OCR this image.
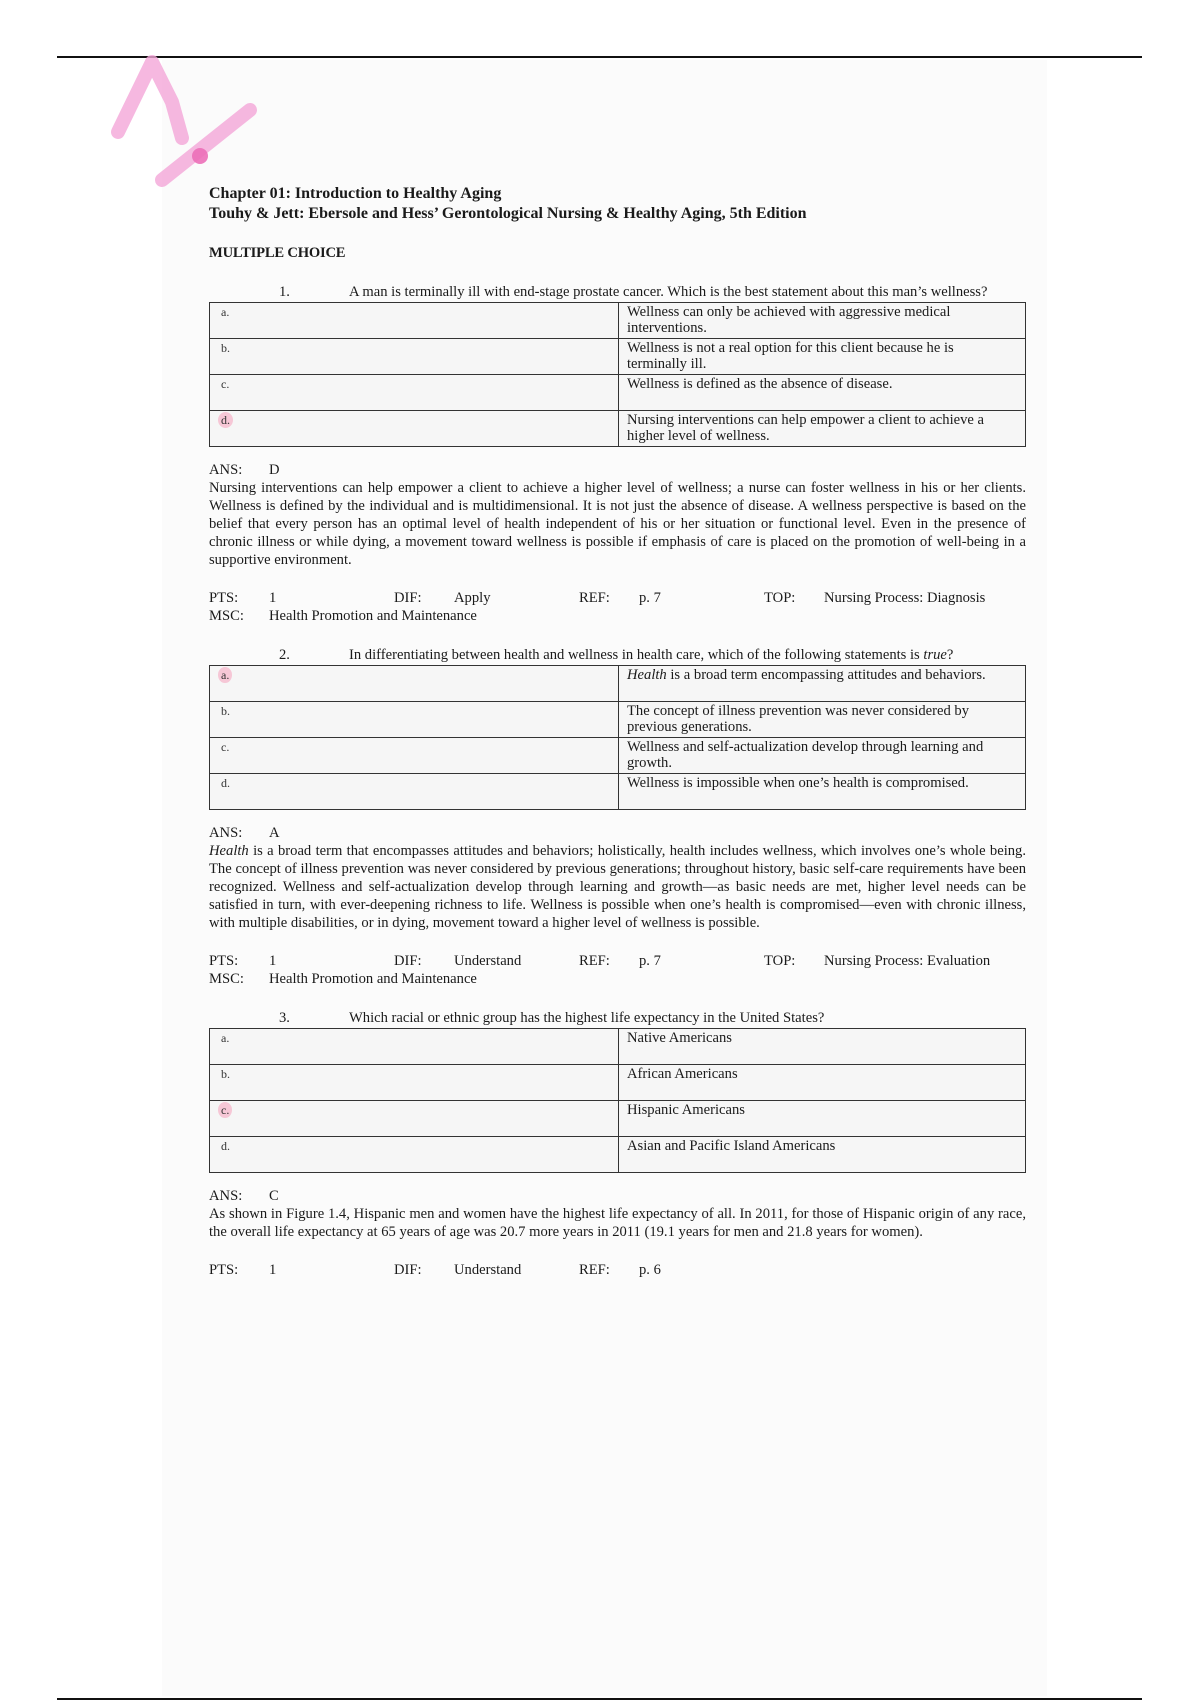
Chapter 01: Introduction to Healthy Aging
Touhy & Jett: Ebersole and Hess’ Gerontological Nursing & Healthy Aging, 5th Edition
MULTIPLE CHOICE
1.	A man is terminally ill with end-stage prostate cancer. Which is the best statement about this man’s wellness?
a.	Wellness can only be achieved with aggressive medical interventions.
b.	Wellness is not a real option for this client because he is terminally ill.
c.	Wellness is defined as the absence of disease.
d.	Nursing interventions can help empower a client to achieve a higher level of wellness.
ANS: D
Nursing interventions can help empower a client to achieve a higher level of wellness; a nurse can foster wellness in his or her clients. Wellness is defined by the individual and is multidimensional. It is not just the absence of disease. A wellness perspective is based on the belief that every person has an optimal level of health independent of his or her situation or functional level. Even in the presence of chronic illness or while dying, a movement toward wellness is possible if emphasis of care is placed on the promotion of well-being in a supportive environment.
PTS: 1	DIF: Apply	REF: p. 7	TOP: Nursing Process: Diagnosis
MSC: Health Promotion and Maintenance
2.	In differentiating between health and wellness in health care, which of the following statements is true?
a.	Health is a broad term encompassing attitudes and behaviors.
b.	The concept of illness prevention was never considered by previous generations.
c.	Wellness and self-actualization develop through learning and growth.
d.	Wellness is impossible when one’s health is compromised.
ANS: A
Health is a broad term that encompasses attitudes and behaviors; holistically, health includes wellness, which involves one’s whole being. The concept of illness prevention was never considered by previous generations; throughout history, basic self-care requirements have been recognized. Wellness and self-actualization develop through learning and growth—as basic needs are met, higher level needs can be satisfied in turn, with ever-deepening richness to life. Wellness is possible when one’s health is compromised—even with chronic illness, with multiple disabilities, or in dying, movement toward a higher level of wellness is possible.
PTS: 1	DIF: Understand	REF: p. 7	TOP: Nursing Process: Evaluation
MSC: Health Promotion and Maintenance
3.	Which racial or ethnic group has the highest life expectancy in the United States?
a.	Native Americans
b.	African Americans
c.	Hispanic Americans
d.	Asian and Pacific Island Americans
ANS: C
As shown in Figure 1.4, Hispanic men and women have the highest life expectancy of all. In 2011, for those of Hispanic origin of any race, the overall life expectancy at 65 years of age was 20.7 more years in 2011 (19.1 years for men and 21.8 years for women).
PTS: 1	DIF: Understand	REF: p. 6
